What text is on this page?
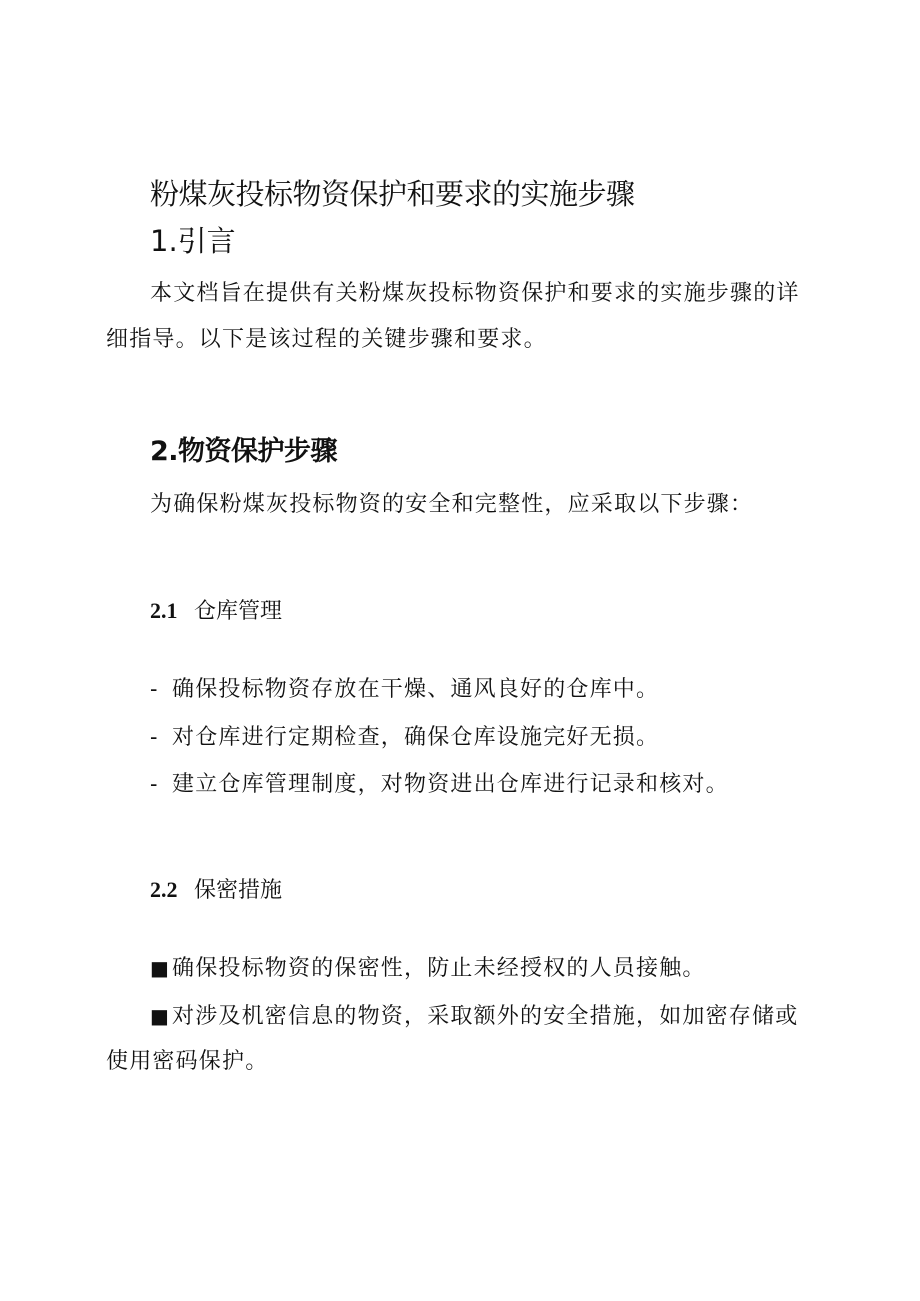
粉煤灰投标物资保护和要求的实施步骤
1.引言
本文档旨在提供有关粉煤灰投标物资保护和要求的实施步骤的详
细指导。以下是该过程的关键步骤和要求。
2.物资保护步骤
为确保粉煤灰投标物资的安全和完整性，应采取以下步骤：
2.1 仓库管理
- 确保投标物资存放在干燥、通风良好的仓库中。
- 对仓库进行定期检查，确保仓库设施完好无损。
- 建立仓库管理制度，对物资进出仓库进行记录和核对。
2.2 保密措施
■确保投标物资的保密性，防止未经授权的人员接触。
■对涉及机密信息的物资，采取额外的安全措施，如加密存储或
使用密码保护。
